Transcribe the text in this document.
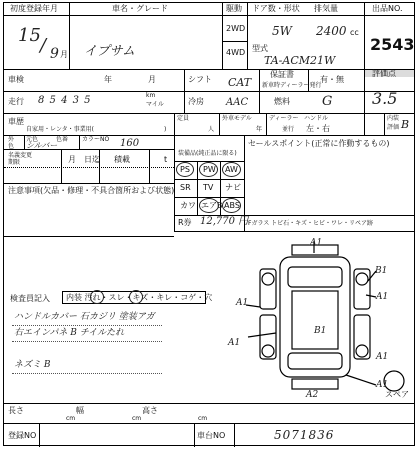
初度登録年月	車名・グレード	駆動 ドア数・形状 排気量	出品NO.
2543
15 / 9 月 イプサム
2WD
4WD
5W 2400 cc
型式
TA-ACM21W
車検	年	月	シフト CAT
保証書
新車時ディーラー発行
有・無
評価点
3.5
走行 8 5 4 3 5	km
マイル	冷房 AAC	燃料 G
車歴
自家用・レンタ・事業用(	)
定員
人
外車モデル
年
ディーラー
並行
ハンドル
左・右
内装
評価 B
外
色
元色
シルバー
色番 カラーNO 160
名義変更
期限	月 日迄 積載	t
注意事項(欠品・修理・不具合箇所および状態)
装備品(純正品に限る)
PS PW AW
SR TV ナビ
カワ エアB ABS
R券 12,770 円
セールスポイント(正常に作動するもの)
Fガラス トビ石・キズ・ヒビ・ワレ・リペア跡
検査員記入 内装 汚れ・スレ・キズ・キレ・コゲ・穴
ハンドルカバー 石カジリ 塗装アガ
右エインパネ B チイルたれ
ネズミ B
A1
B1
A1
A1
B1
A1
A1
A1
A2	スペア
長さ
cm
幅
cm
高さ
cm
登録NO	車台NO	5071836
